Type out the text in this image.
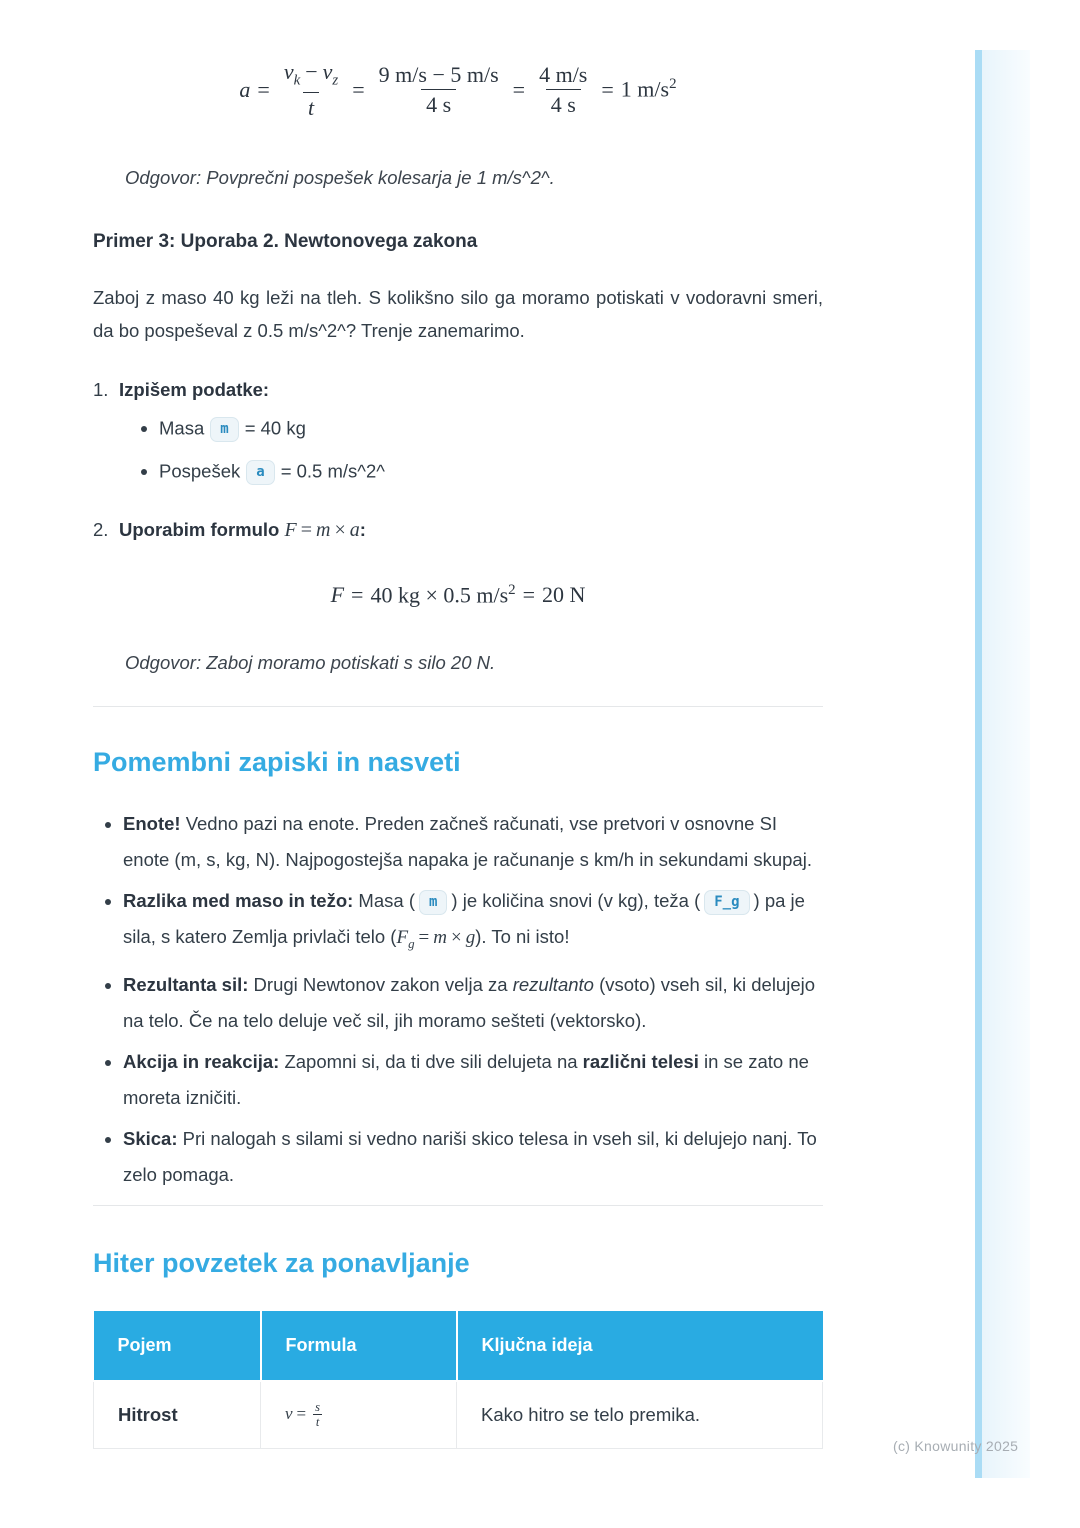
$a = \frac{v_k - v_z}{t} = \frac{9 m/s - 5 m/s}{4 s} = \frac{4 m/s}{4 s} = 1$ $m/s^2$

Odgovor: Povprečni pospešek kolesarja je 1 m/s^2^.

Primer 3: Uporaba 2. Newtonovega zakona

Zaboj z maso 40 kg leži na tleh. S kolikšno silo ga moramo potiskati v vodoravni smeri, da bo pospeševal z 0.5 m/s^2^? Trenje zanemarimo.

1. Izpišem podatke:
• Masa m = 40 kg
• Pospešek a = 0.5 m/s^2^
2. Uporabim formulo F = m × a:
F = 40 kg × 0.5 $m/s^2 = 20$ N

Odgovor: Zaboj moramo potiskati s silo 20 N.

Pomembni zapiski in nasveti
• Enote! Vedno pazi na enote. Preden začneš računati, vse pretvori v osnovne SI enote (m, s, kg, N). Najpogostejša napaka je računanje s km/h in sekundami skupaj.
• Razlika med maso in težo: Masa ( m ) je količina snovi (v kg), teža ( F_g ) pa je sila, s katero Zemlja privlači telo $(F_g = m \times g)$. To ni isto!
• Rezultanta sil: Drugi Newtonov zakon velja za rezultanto (vsoto) vseh sil, ki delujejo na telo. Če na telo deluje več sil, jih moramo sešteti (vektorsko).
• Akcija in reakcija: Zapomni si, da ti dve sili delujeta na različni telesi in se zato ne moreta izničiti.
• Skica: Pri nalogah s silami si vedno nariši skico telesa in vseh sil, ki delujejo nanj. To zelo pomaga.
Hiter povzetek za ponavljanje
Pojem	Formula	Ključna ideja
Hitrost	$v = \frac{s}{t}$	Kako hitro se telo premika.
(c) Knowunity 2025
